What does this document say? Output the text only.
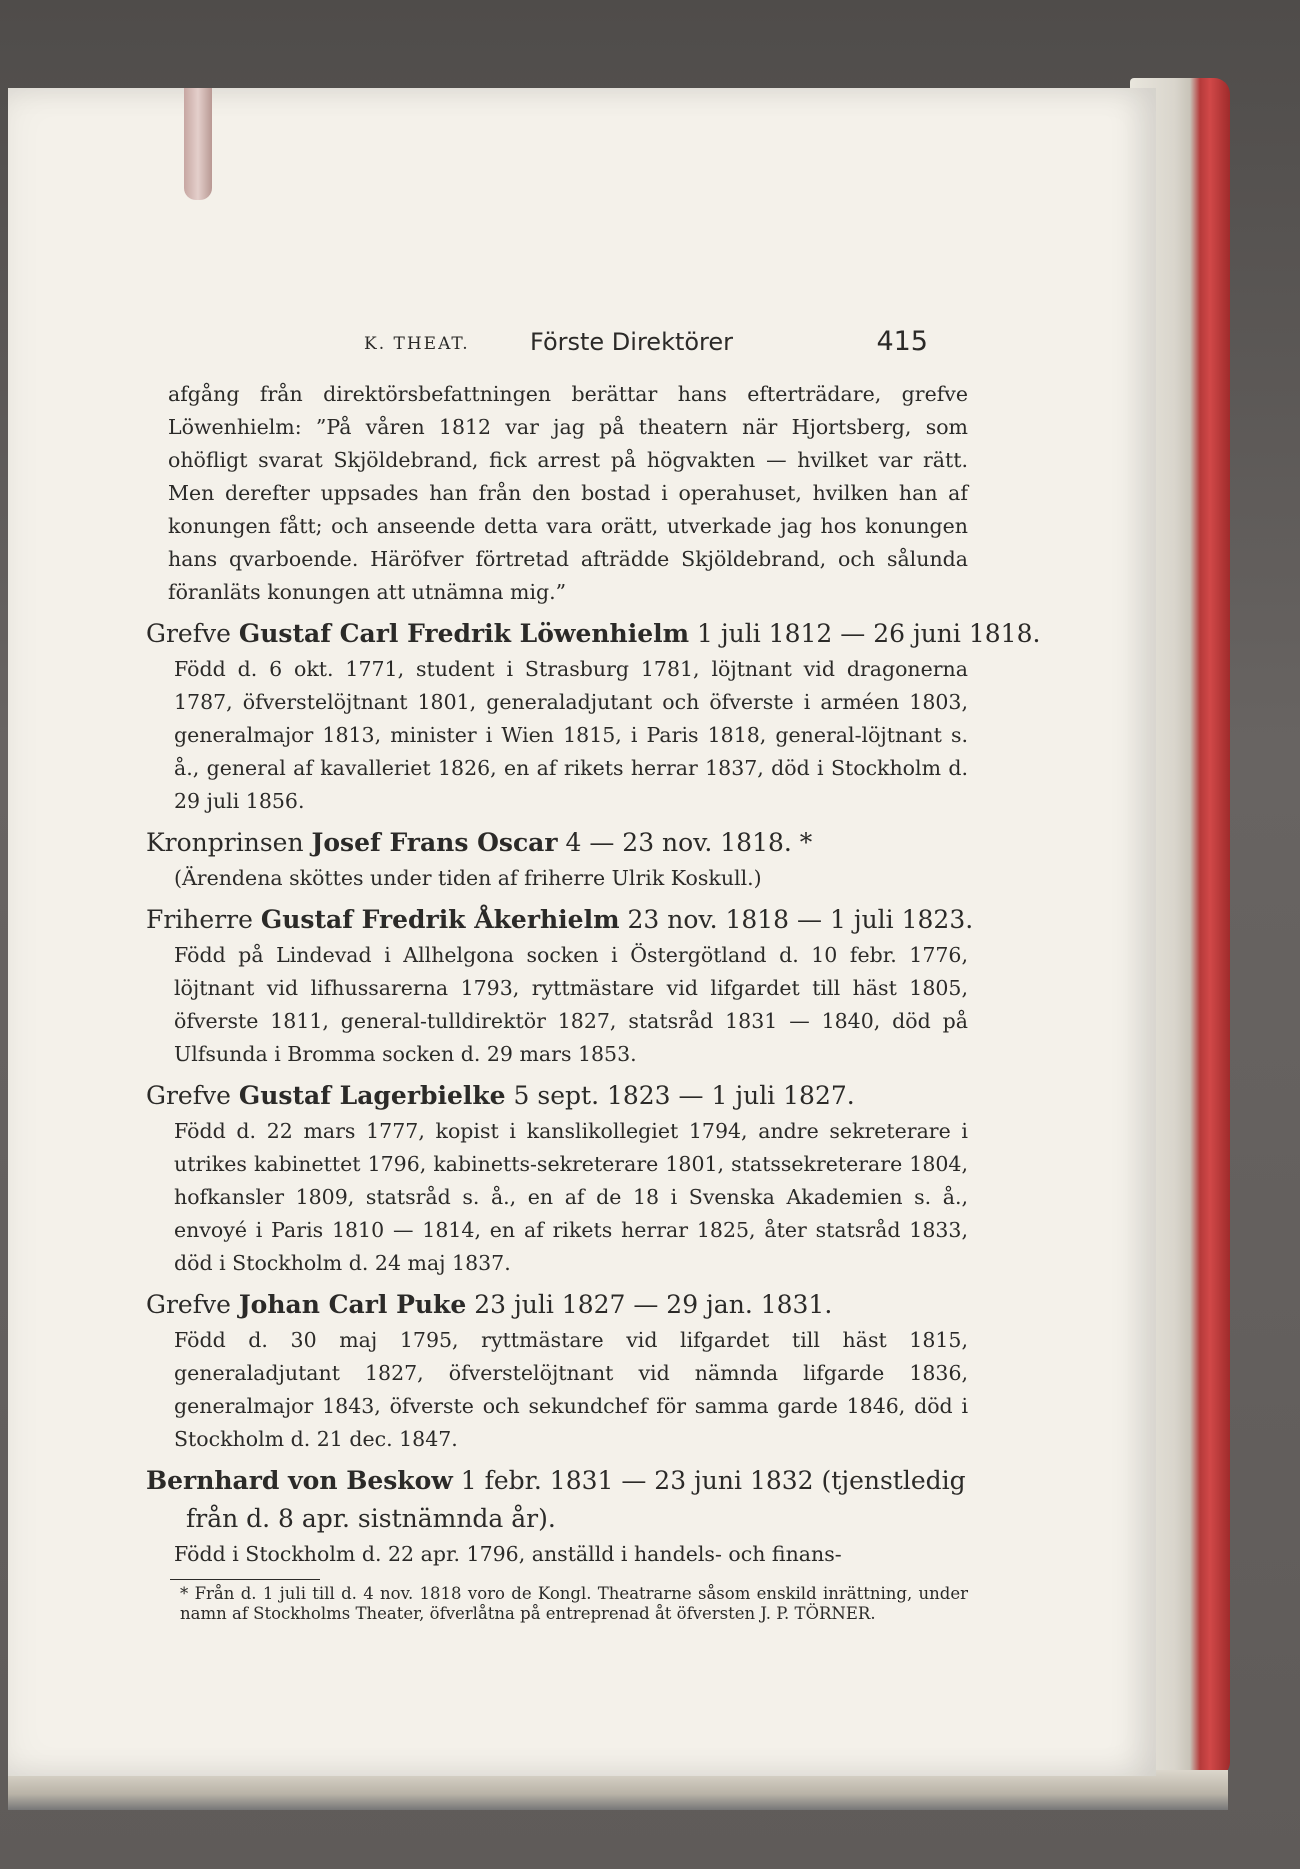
K. THEAT.	Förste Direktörer	415

afgång från direktörsbefattningen berättar hans efterträdare, grefve Löwenhielm: ”På våren 1812 var jag på theatern när Hjortsberg, som ohöfligt svarat Skjöldebrand, fick arrest på högvakten — hvilket var rätt. Men derefter uppsades han från den bostad i operahuset, hvilken han af konungen fått; och anseende detta vara orätt, utverkade jag hos konungen hans qvarboende. Häröfver förtretad afträdde Skjöldebrand, och sålunda föranläts konungen att utnämna mig.”

Grefve Gustaf Carl Fredrik Löwenhielm 1 juli 1812 — 26 juni 1818.

Född d. 6 okt. 1771, student i Strasburg 1781, löjtnant vid dragonerna 1787, öfverstelöjtnant 1801, generaladjutant och öfverste i arméen 1803, generalmajor 1813, minister i Wien 1815, i Paris 1818, general-löjtnant s. å., general af kavalleriet 1826, en af rikets herrar 1837, död i Stockholm d. 29 juli 1856.

Kronprinsen Josef Frans Oscar 4 — 23 nov. 1818. *

(Ärendena sköttes under tiden af friherre Ulrik Koskull.)

Friherre Gustaf Fredrik Åkerhielm 23 nov. 1818 — 1 juli 1823.

Född på Lindevad i Allhelgona socken i Östergötland d. 10 febr. 1776, löjtnant vid lifhussarerna 1793, ryttmästare vid lifgardet till häst 1805, öfverste 1811, general-tulldirektör 1827, statsråd 1831 — 1840, död på Ulfsunda i Bromma socken d. 29 mars 1853.

Grefve Gustaf Lagerbielke 5 sept. 1823 — 1 juli 1827.

Född d. 22 mars 1777, kopist i kanslikollegiet 1794, andre sekreterare i utrikes kabinettet 1796, kabinetts-sekreterare 1801, statssekreterare 1804, hofkansler 1809, statsråd s. å., en af de 18 i Svenska Akademien s. å., envoyé i Paris 1810 — 1814, en af rikets herrar 1825, åter statsråd 1833, död i Stockholm d. 24 maj 1837.

Grefve Johan Carl Puke 23 juli 1827 — 29 jan. 1831.

Född d. 30 maj 1795, ryttmästare vid lifgardet till häst 1815, generaladjutant 1827, öfverstelöjtnant vid nämnda lifgarde 1836, generalmajor 1843, öfverste och sekundchef för samma garde 1846, död i Stockholm d. 21 dec. 1847.

Bernhard von Beskow 1 febr. 1831 — 23 juni 1832 (tjenstledig
från d. 8 apr. sistnämnda år).

Född i Stockholm d. 22 apr. 1796, anställd i handels- och finans-

* Från d. 1 juli till d. 4 nov. 1818 voro de Kongl. Theatrarne såsom enskild inrättning, under namn af Stockholms Theater, öfverlåtna på entreprenad åt öfversten J. P. TÖRNER.
